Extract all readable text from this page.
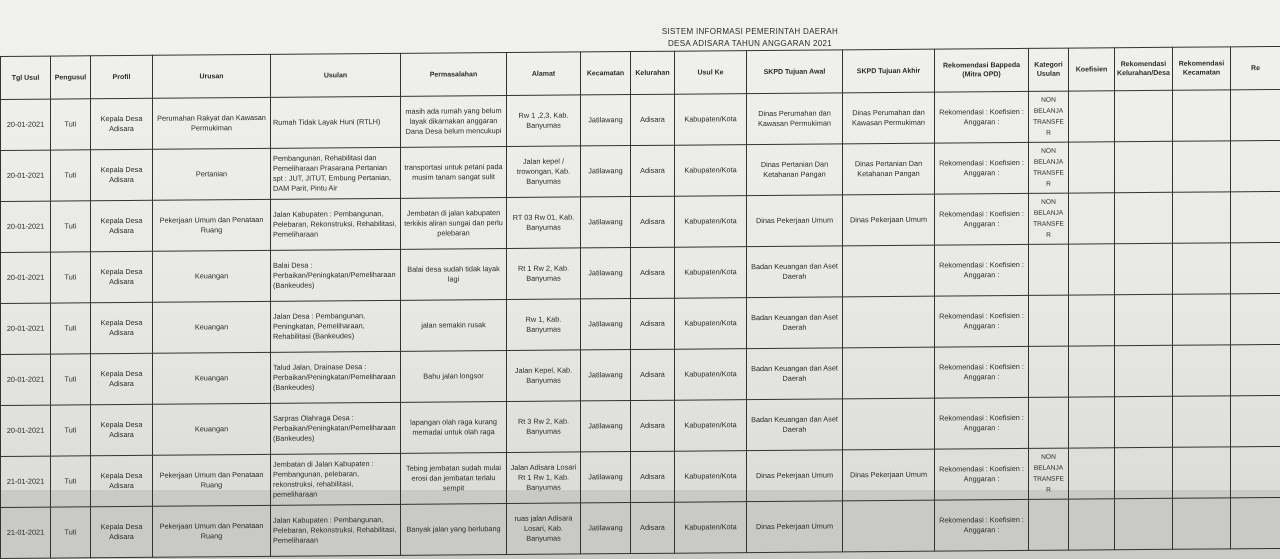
SISTEM INFORMASI PEMERINTAH DAERAH
DESA ADISARA TAHUN ANGGARAN 2021
Tgl Usul	Pengusul	Profil	Urusan	Usulan	Permasalahan	Alamat	Kecamatan	Kelurahan	Usul Ke	SKPD Tujuan Awal	SKPD Tujuan Akhir	Rekomendasi Bappeda (Mitra OPD)	Kategori Usulan	Koefisien	Rekomendasi Kelurahan/Desa	Rekomendasi Kecamatan	Re
20-01-2021	Tuti	Kepala Desa Adisara	Perumahan Rakyat dan Kawasan Permukiman	Rumah Tidak Layak Huni (RTLH)	masih ada rumah yang belum layak dikarnakan anggaran Dana Desa belum mencukupi	Rw 1 ,2,3, Kab. Banyumas	Jatilawang	Adisara	Kabupaten/Kota	Dinas Perumahan dan Kawasan Permukiman	Dinas Perumahan dan Kawasan Permukiman	Rekomendasi : Koefisien : Anggaran :	NON BELANJA TRANSFER				
20-01-2021	Tuti	Kepala Desa Adisara	Pertanian	Pembangunan, Rehabilitasi dan Pemeliharaan Prasarana Pertanian spt : JUT, JITUT, Embung Pertanian, DAM Parit, Pintu Air	transportasi untuk petani pada musim tanam sangat sulit	Jalan kepel / trowongan, Kab. Banyumas	Jatilawang	Adisara	Kabupaten/Kota	Dinas Pertanian Dan Ketahanan Pangan	Dinas Pertanian Dan Ketahanan Pangan	Rekomendasi : Koefisien : Anggaran :	NON BELANJA TRANSFER				
20-01-2021	Tuti	Kepala Desa Adisara	Pekerjaan Umum dan Penataan Ruang	Jalan Kabupaten : Pembangunan, Pelebaran, Rekonstruksi, Rehabilitasi, Pemeliharaan	Jembatan di jalan kabupaten terkikis aliran sungai dan perlu pelebaran	RT 03 Rw 01, Kab. Banyumas	Jatilawang	Adisara	Kabupaten/Kota	Dinas Pekerjaan Umum	Dinas Pekerjaan Umum	Rekomendasi : Koefisien : Anggaran :	NON BELANJA TRANSFER				
20-01-2021	Tuti	Kepala Desa Adisara	Keuangan	Balai Desa : Perbaikan/Peningkatan/Pemeliharaan (Bankeudes)	Balai desa sudah tidak layak lagi	Rt 1 Rw 2, Kab. Banyumas	Jatilawang	Adisara	Kabupaten/Kota	Badan Keuangan dan Aset Daerah		Rekomendasi : Koefisien : Anggaran :					
20-01-2021	Tuti	Kepala Desa Adisara	Keuangan	Jalan Desa : Pembangunan, Peningkatan, Pemeliharaan, Rehabilitasi (Bankeudes)	jalan semakin rusak	Rw 1, Kab. Banyumas	Jatilawang	Adisara	Kabupaten/Kota	Badan Keuangan dan Aset Daerah		Rekomendasi : Koefisien : Anggaran :					
20-01-2021	Tuti	Kepala Desa Adisara	Keuangan	Talud Jalan, Drainase Desa : Perbaikan/Peningkatan/Pemeliharaan (Bankeudes)	Bahu jalan longsor	Jalan Kepel, Kab. Banyumas	Jatilawang	Adisara	Kabupaten/Kota	Badan Keuangan dan Aset Daerah		Rekomendasi : Koefisien : Anggaran :					
20-01-2021	Tuti	Kepala Desa Adisara	Keuangan	Sarpras Olahraga Desa : Perbaikan/Peningkatan/Pemeliharaan (Bankeudes)	lapangan olah raga kurang memadai untuk olah raga	Rt 3 Rw 2, Kab. Banyumas	Jatilawang	Adisara	Kabupaten/Kota	Badan Keuangan dan Aset Daerah		Rekomendasi : Koefisien : Anggaran :					
21-01-2021	Tuti	Kepala Desa Adisara	Pekerjaan Umum dan Penataan Ruang	Jembatan di Jalan Kabupaten : Pembangunan, pelebaran, rekonstruksi, rehabilitasi, pemeliharaan	Tebing jembatan sudah mulai erosi dan jembatan terlalu sempit	Jalan Adisara Losari Rt 1 Rw 1, Kab. Banyumas	Jatilawang	Adisara	Kabupaten/Kota	Dinas Pekerjaan Umum	Dinas Pekerjaan Umum	Rekomendasi : Koefisien : Anggaran :	NON BELANJA TRANSFER				
21-01-2021	Tuti	Kepala Desa Adisara	Pekerjaan Umum dan Penataan Ruang	Jalan Kabupaten : Pembangunan, Pelebaran, Rekonstruksi, Rehabilitasi, Pemeliharaan	Banyak jalan yang berlubang	ruas jalan Adisara Losari, Kab. Banyumas	Jatilawang	Adisara	Kabupaten/Kota	Dinas Pekerjaan Umum		Rekomendasi : Koefisien : Anggaran :					
